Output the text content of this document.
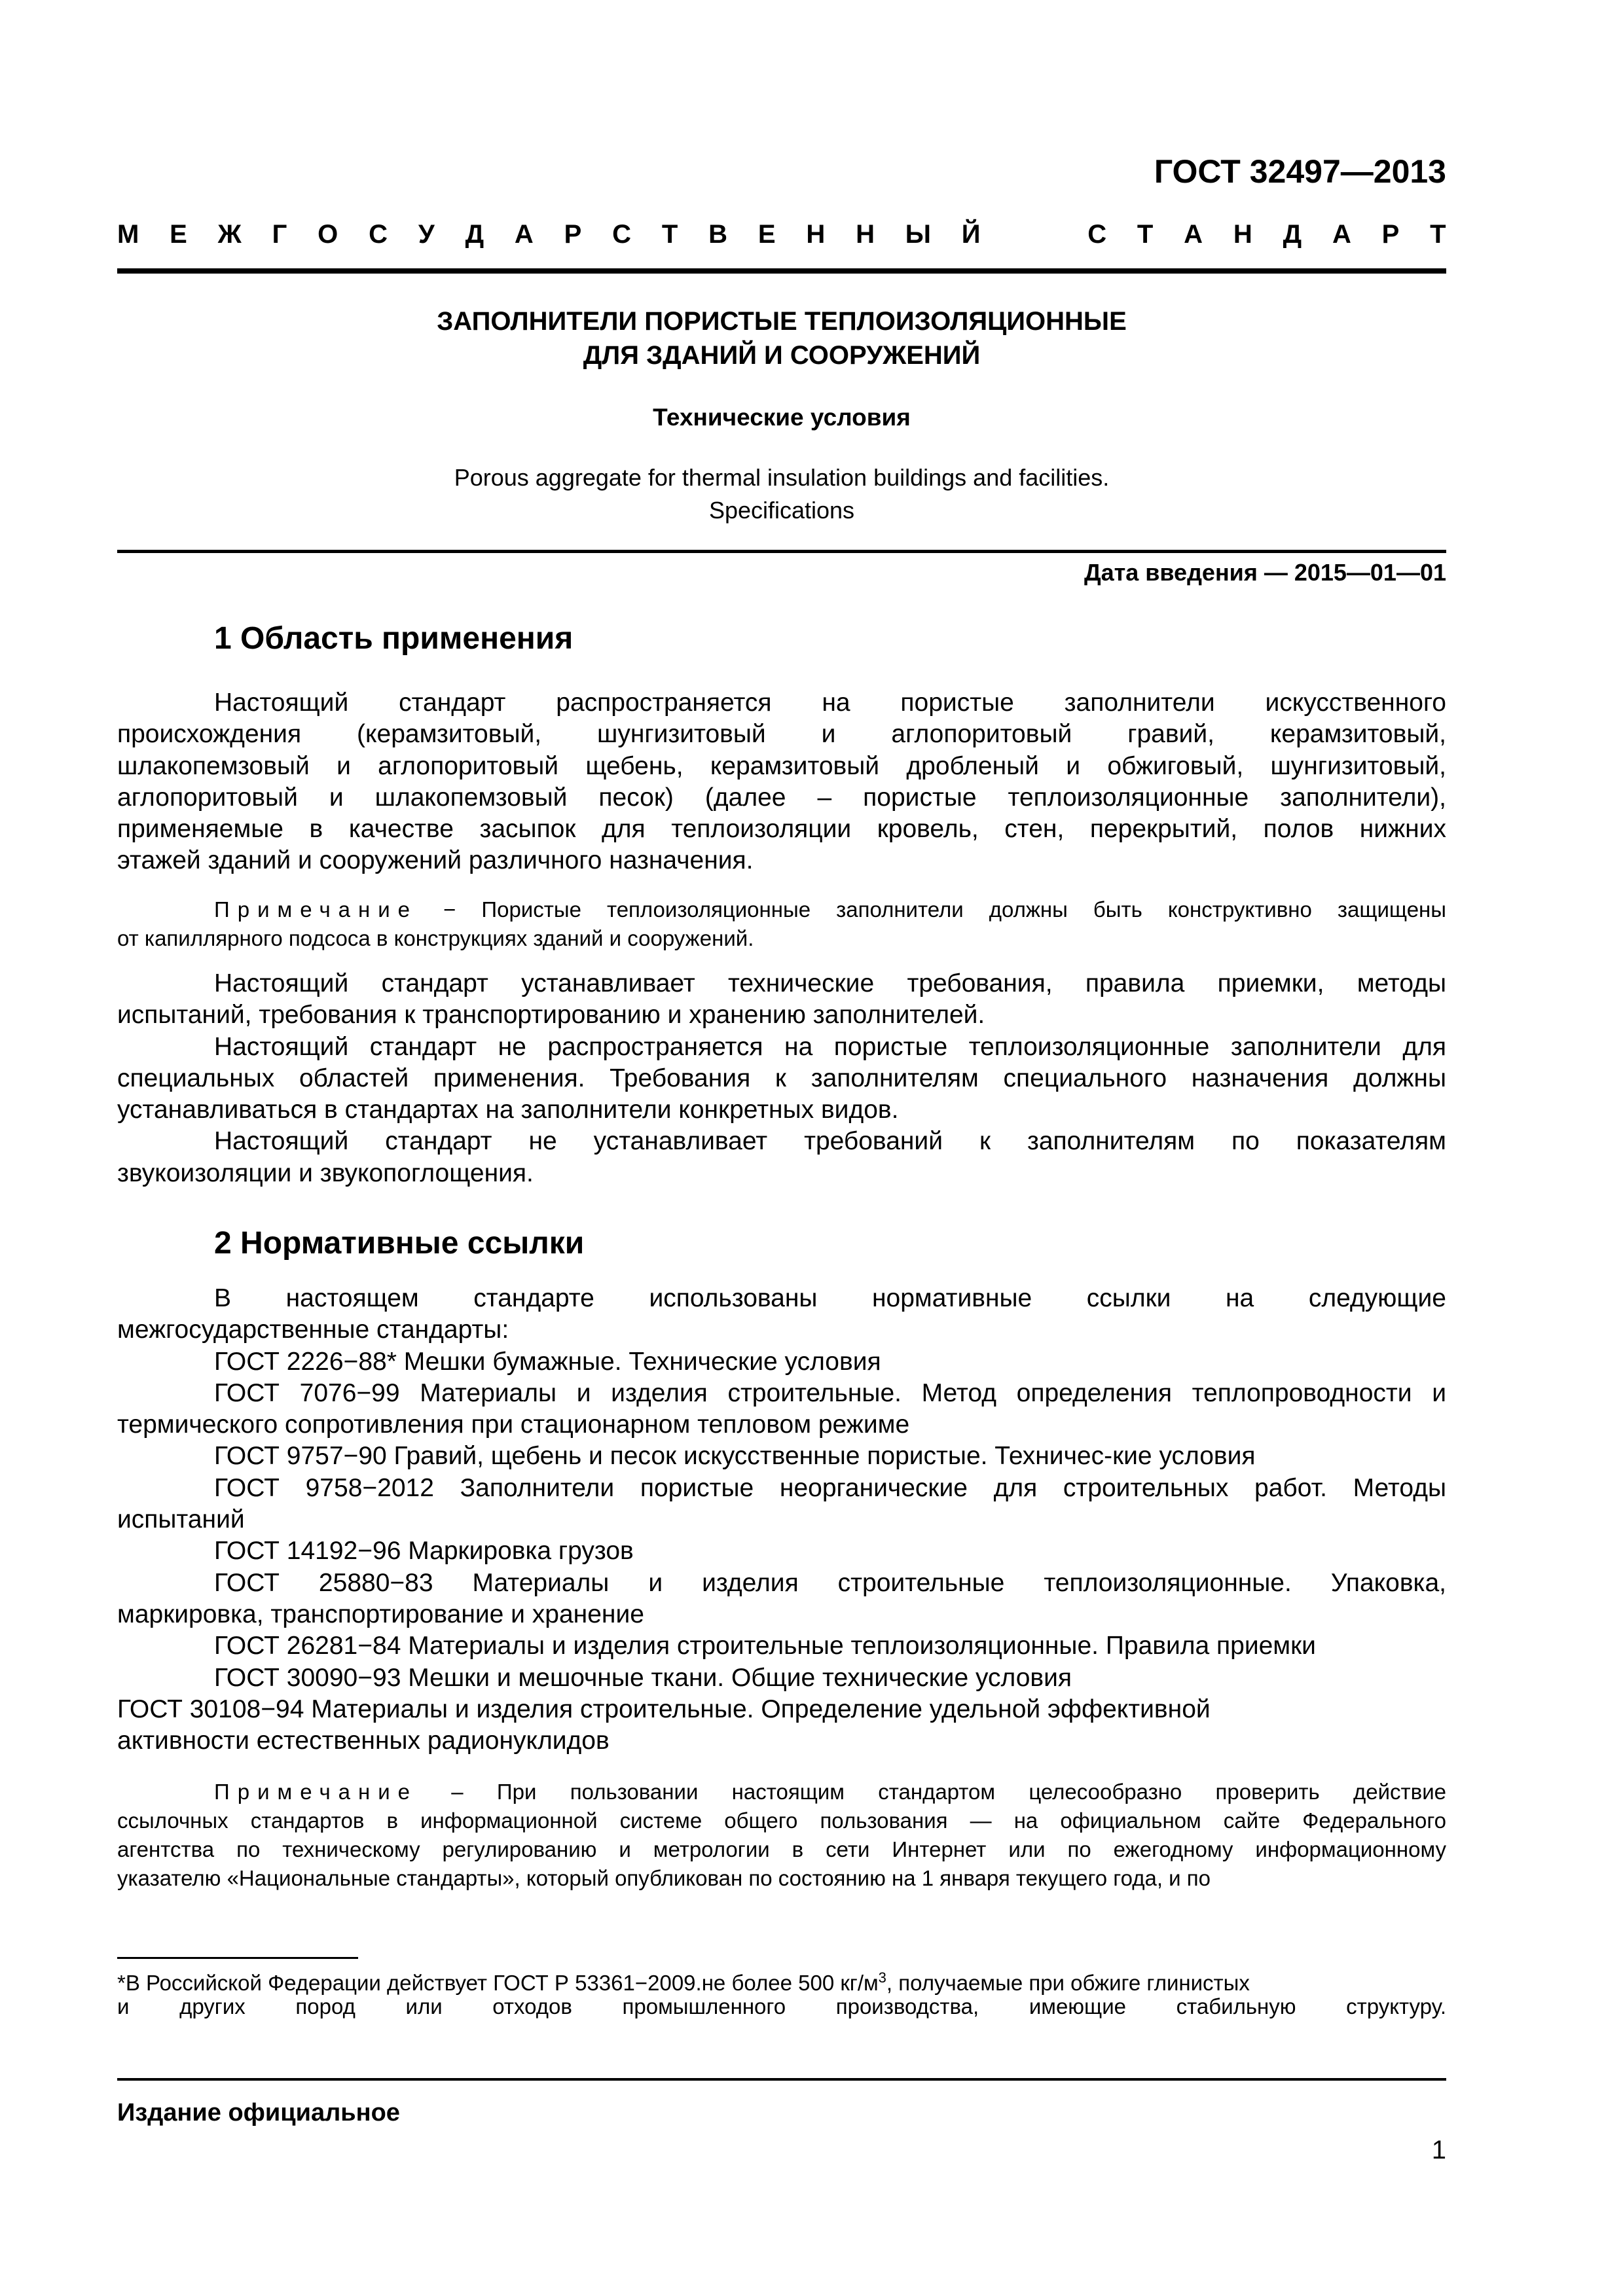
ГОСТ 32497—2013
М Е Ж Г О С У Д А Р С Т В Е Н Н Ы Й	С Т А Н Д А Р Т
ЗАПОЛНИТЕЛИ ПОРИСТЫЕ ТЕПЛОИЗОЛЯЦИОННЫЕ
ДЛЯ ЗДАНИЙ И СООРУЖЕНИЙ
Технические условия
Porous aggregate for thermal insulation buildings and facilities.
Specifications
Дата введения — 2015—01—01
1 Область применения
Настоящий стандарт распространяется на пористые заполнители искусственного
происхождения (керамзитовый, шунгизитовый и аглопоритовый гравий, керамзитовый,
шлакопемзовый и аглопоритовый щебень, керамзитовый дробленый и обжиговый, шунгизитовый,
аглопоритовый и шлакопемзовый песок) (далее – пористые теплоизоляционные заполнители),
применяемые в качестве засыпок для теплоизоляции кровель, стен, перекрытий, полов нижних
этажей зданий и сооружений различного назначения.
Примечание − Пористые теплоизоляционные заполнители должны быть конструктивно защищены
от капиллярного подсоса в конструкциях зданий и сооружений.
Настоящий стандарт устанавливает технические требования, правила приемки, методы
испытаний, требования к транспортированию и хранению заполнителей.
Настоящий стандарт не распространяется на пористые теплоизоляционные заполнители для
специальных областей применения. Требования к заполнителям специального назначения должны
устанавливаться в стандартах на заполнители конкретных видов.
Настоящий стандарт не устанавливает требований к заполнителям по показателям
звукоизоляции и звукопоглощения.
2 Нормативные ссылки
В настоящем стандарте использованы нормативные ссылки на следующие
межгосударственные стандарты:
ГОСТ 2226−88* Мешки бумажные. Технические условия
ГОСТ 7076−99 Материалы и изделия строительные. Метод определения теплопроводности и
термического сопротивления при стационарном тепловом режиме
ГОСТ 9757−90 Гравий, щебень и песок искусственные пористые. Техничес-кие условия
ГОСТ 9758−2012 Заполнители пористые неорганические для строительных работ. Методы
испытаний
ГОСТ 14192−96 Маркировка грузов
ГОСТ 25880−83 Материалы и изделия строительные теплоизоляционные. Упаковка,
маркировка, транспортирование и хранение
ГОСТ 26281−84 Материалы и изделия строительные теплоизоляционные. Правила приемки
ГОСТ 30090−93 Мешки и мешочные ткани. Общие технические условия
ГОСТ 30108−94 Материалы и изделия строительные. Определение удельной эффективной
активности естественных радионуклидов
Примечание – При пользовании настоящим стандартом целесообразно проверить действие
ссылочных стандартов в информационной системе общего пользования — на официальном сайте Федерального
агентства по техническому регулированию и метрологии в сети Интернет или по ежегодному информационному
указателю «Национальные стандарты», который опубликован по состоянию на 1 января текущего года, и по
*В Российской Федерации действует ГОСТ Р 53361−2009.не более 500 $кг/м^3$, получаемые при обжиге глинистых
и других пород или отходов промышленного производства, имеющие стабильную структуру.
Издание официальное
1
